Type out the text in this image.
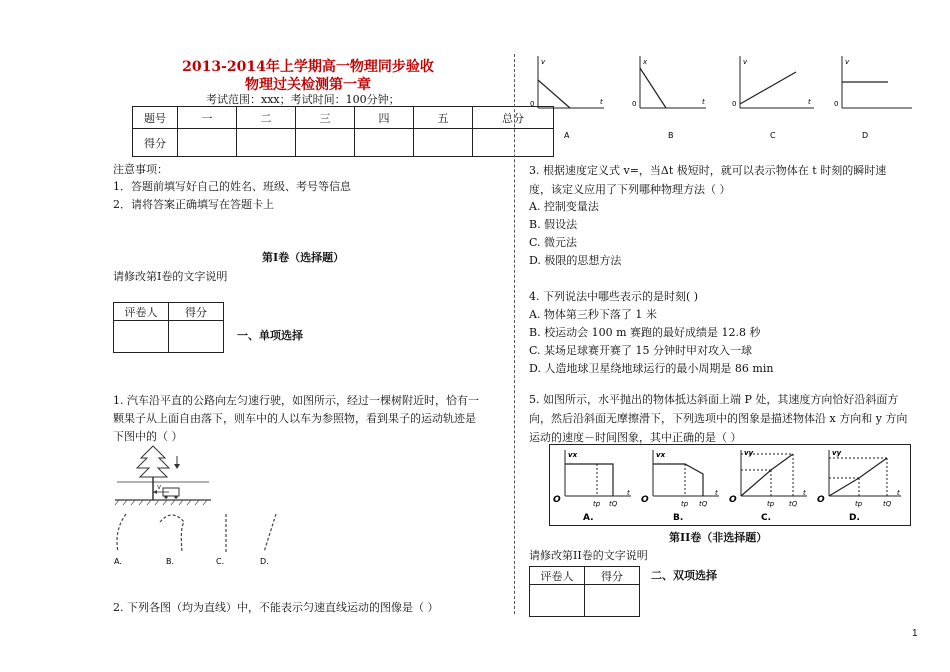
2013-2014年上学期高一物理同步验收
物理过关检测第一章
考试范围：xxx；考试时间：100分钟；
题号	一	二	三	四	五	总分
得分						
注意事项：
1．答题前填写好自己的姓名、班级、考号等信息
2．请将答案正确填写在答题卡上
第Ⅰ卷（选择题）
请修改第Ⅰ卷的文字说明
评卷人	得分

一、单项选择
1. 汽车沿平直的公路向左匀速行驶，如图所示，经过一棵树附近时，恰有一
颗果子从上面自由落下，则车中的人以车为参照物，看到果子的运动轨迹是
下图中的（ ）
v
A.	B.	C.	D.
2. 下列各图（均为直线）中，不能表示匀速直线运动的图像是（ ）
v
t
0
A
x
t
0
B
v
t
0
C
v
0
D
3. 根据速度定义式 v=，当Δt 极短时，就可以表示物体在 t 时刻的瞬时速
度，该定义应用了下列哪种物理方法（ ）
A. 控制变量法
B. 假设法
C. 微元法
D. 极限的思想方法
4. 下列说法中哪些表示的是时刻( )
A. 物体第三秒下落了 1 米
B. 校运动会 100 m 赛跑的最好成绩是 12.8 秒
C. 某场足球赛开赛了 15 分钟时甲对攻入一球
D. 人造地球卫星绕地球运行的最小周期是 86 min
5. 如图所示，水平抛出的物体抵达斜面上端 P 处，其速度方向恰好沿斜面方
向，然后沿斜面无摩擦滑下，下列选项中的图象是描述物体沿 x 方向和 y 方向
运动的速度－时间图象，其中正确的是（ ）
vx
O
t
tp tQ
A.
vx
O
t
tp tQ
B.
vy
O
t
tp tQ
C.
vy
O
t
tp	tQ
D.
第II卷（非选择题）
请修改第II卷的文字说明
评卷人	得分
		二、双项选择
1
